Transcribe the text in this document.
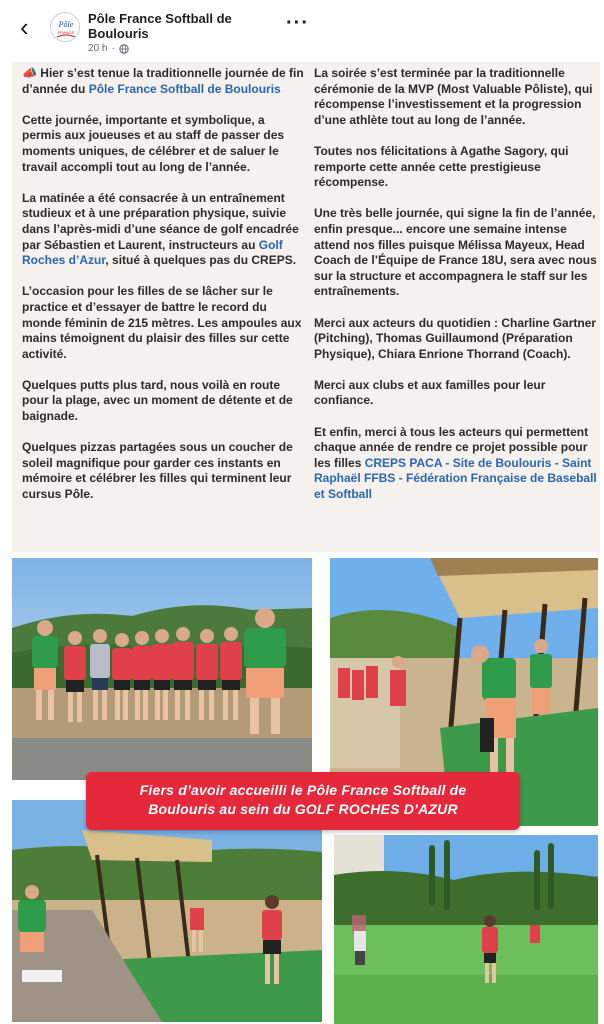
‹	Pôle
FRANCE
Pôle France Softball de Boulouris
20 h ·
···

📣 Hier s’est tenue la traditionnelle journée de fin d’année du Pôle France Softball de Boulouris

Cette journée, importante et symbolique, a permis aux joueuses et au staff de passer des moments uniques, de célébrer et de saluer le travail accompli tout au long de l’année.

La matinée a été consacrée à un entraînement studieux et à une préparation physique, suivie dans l’après-midi d’une séance de golf encadrée par Sébastien et Laurent, instructeurs au Golf Roches d’Azur, situé à quelques pas du CREPS.

L’occasion pour les filles de se lâcher sur le practice et d’essayer de battre le record du monde féminin de 215 mètres. Les ampoules aux mains témoignent du plaisir des filles sur cette activité.

Quelques putts plus tard, nous voilà en route pour la plage, avec un moment de détente et de baignade.

Quelques pizzas partagées sous un coucher de soleil magnifique pour garder ces instants en mémoire et célébrer les filles qui terminent leur cursus Pôle.

La soirée s’est terminée par la traditionnelle cérémonie de la MVP (Most Valuable Pôliste), qui récompense l’investissement et la progression d’une athlète tout au long de l’année.

Toutes nos félicitations à Agathe Sagory, qui remporte cette année cette prestigieuse récompense.

Une très belle journée, qui signe la fin de l’année, enfin presque... encore une semaine intense attend nos filles puisque Mélissa Mayeux, Head Coach de l’Équipe de France 18U, sera avec nous sur la structure et accompagnera le staff sur les entraînements.

Merci aux acteurs du quotidien : Charline Gartner (Pitching), Thomas Guillaumond (Préparation Physique), Chiara Enrione Thorrand (Coach).

Merci aux clubs et aux familles pour leur confiance.

Et enfin, merci à tous les acteurs qui permettent chaque année de rendre ce projet possible pour les filles CREPS PACA - Site de Boulouris - Saint Raphaël FFBS - Fédération Française de Baseball et Softball

Fiers d’avoir accueilli le Pôle France Softball de
Boulouris au sein du GOLF ROCHES D’AZUR
